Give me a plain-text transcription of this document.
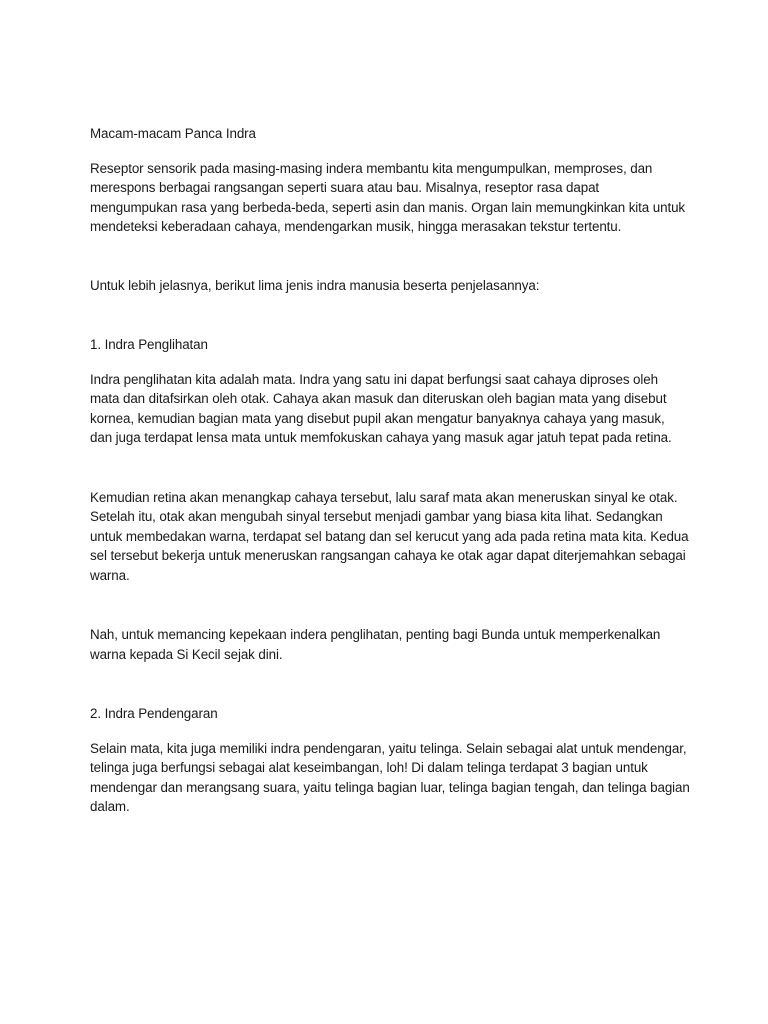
Macam-macam Panca Indra

Reseptor sensorik pada masing-masing indera membantu kita mengumpulkan, memproses, dan merespons berbagai rangsangan seperti suara atau bau. Misalnya, reseptor rasa dapat mengumpukan rasa yang berbeda-beda, seperti asin dan manis. Organ lain memungkinkan kita untuk mendeteksi keberadaan cahaya, mendengarkan musik, hingga merasakan tekstur tertentu.

Untuk lebih jelasnya, berikut lima jenis indra manusia beserta penjelasannya:

1. Indra Penglihatan

Indra penglihatan kita adalah mata. Indra yang satu ini dapat berfungsi saat cahaya diproses oleh mata dan ditafsirkan oleh otak. Cahaya akan masuk dan diteruskan oleh bagian mata yang disebut kornea, kemudian bagian mata yang disebut pupil akan mengatur banyaknya cahaya yang masuk, dan juga terdapat lensa mata untuk memfokuskan cahaya yang masuk agar jatuh tepat pada retina.

Kemudian retina akan menangkap cahaya tersebut, lalu saraf mata akan meneruskan sinyal ke otak. Setelah itu, otak akan mengubah sinyal tersebut menjadi gambar yang biasa kita lihat. Sedangkan untuk membedakan warna, terdapat sel batang dan sel kerucut yang ada pada retina mata kita. Kedua sel tersebut bekerja untuk meneruskan rangsangan cahaya ke otak agar dapat diterjemahkan sebagai warna.

Nah, untuk memancing kepekaan indera penglihatan, penting bagi Bunda untuk memperkenalkan warna kepada Si Kecil sejak dini.

2. Indra Pendengaran

Selain mata, kita juga memiliki indra pendengaran, yaitu telinga. Selain sebagai alat untuk mendengar, telinga juga berfungsi sebagai alat keseimbangan, loh! Di dalam telinga terdapat 3 bagian untuk mendengar dan merangsang suara, yaitu telinga bagian luar, telinga bagian tengah, dan telinga bagian dalam.
